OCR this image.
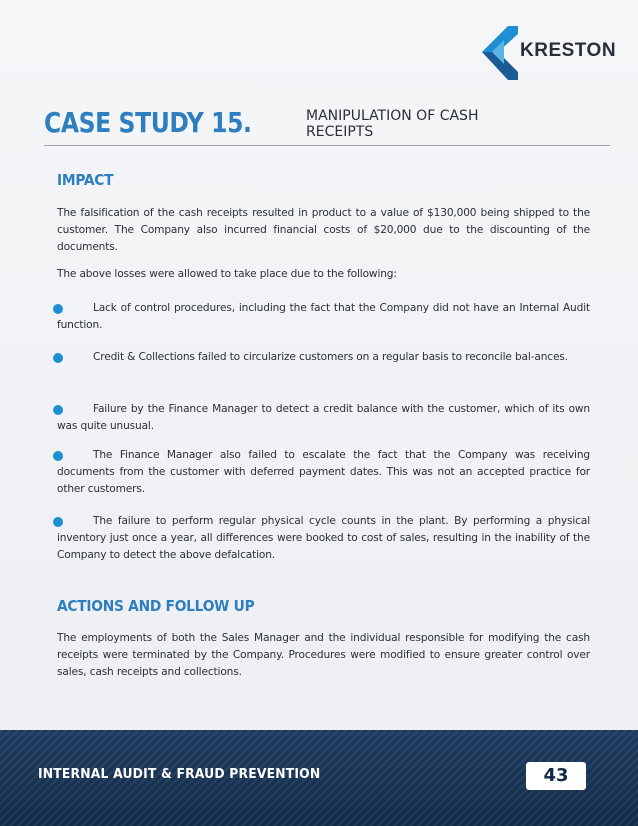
KRESTON
CASE STUDY 15.	MANIPULATION OF CASH RECEIPTS
IMPACT

The falsification of the cash receipts resulted in product to a value of $130,000 being shipped to the customer. The Company also incurred financial costs of $20,000 due to the discounting of the documents.

The above losses were allowed to take place due to the following:

Lack of control procedures, including the fact that the Company did not have an Internal Audit function.

Credit & Collections failed to circularize customers on a regular basis to reconcile bal-ances.

Failure by the Finance Manager to detect a credit balance with the customer, which of its own was quite unusual.

The Finance Manager also failed to escalate the fact that the Company was receiving documents from the customer with deferred payment dates. This was not an accepted practice for other customers.

The failure to perform regular physical cycle counts in the plant. By performing a physical inventory just once a year, all differences were booked to cost of sales, resulting in the inability of the Company to detect the above defalcation.

ACTIONS AND FOLLOW UP

The employments of both the Sales Manager and the individual responsible for modifying the cash receipts were terminated by the Company. Procedures were modified to ensure greater control over sales, cash receipts and collections.

INTERNAL AUDIT & FRAUD PREVENTION	43
